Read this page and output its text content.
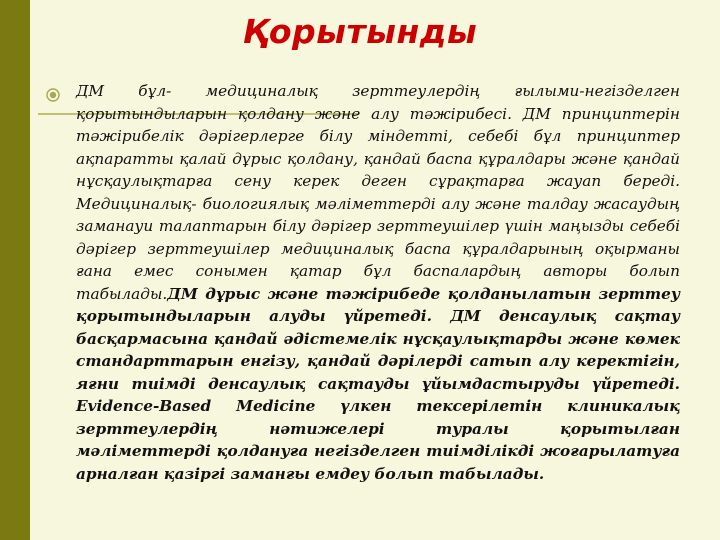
Қорытынды

ДМ бұл- медициналық зерттеулердің ғылыми-негізделген қорытындыларын қолдану және алу тәжірибесі. ДМ принциптерін тәжірибелік дәрігерлерге білу міндетті, себебі бұл принциптер ақпаратты қалай дұрыс қолдану, қандай баспа құралдары және қандай нұсқаулықтарға сену керек деген сұрақтарға жауап береді. Медициналық- биологиялық мәліметтерді алу және талдау жасаудың заманауи талаптарын білу дәрігер зерттеушілер үшін маңызды себебі дәрігер зерттеушілер медициналық баспа құралдарының оқырманы ғана емес сонымен қатар бұл баспалардың авторы болып табылады.ДМ дұрыс және тәжірибеде қолданылатын зерттеу қорытындыларын алуды үйретеді. ДМ денсаулық сақтау басқармасына қандай әдістемелік нұсқаулықтарды және көмек стандарттарын енгізу, қандай дәрілерді сатып алу керектігін, яғни тиімді денсаулық сақтауды ұйымдастыруды үйретеді. Evidence-Based Medicine үлкен тексерілетін клиникалық зерттеулердің нәтижелері туралы қорытылған мәліметтерді қолдануға негізделген тиімділікді жоғарылатуға арналған қазіргі заманғы емдеу болып табылады.
